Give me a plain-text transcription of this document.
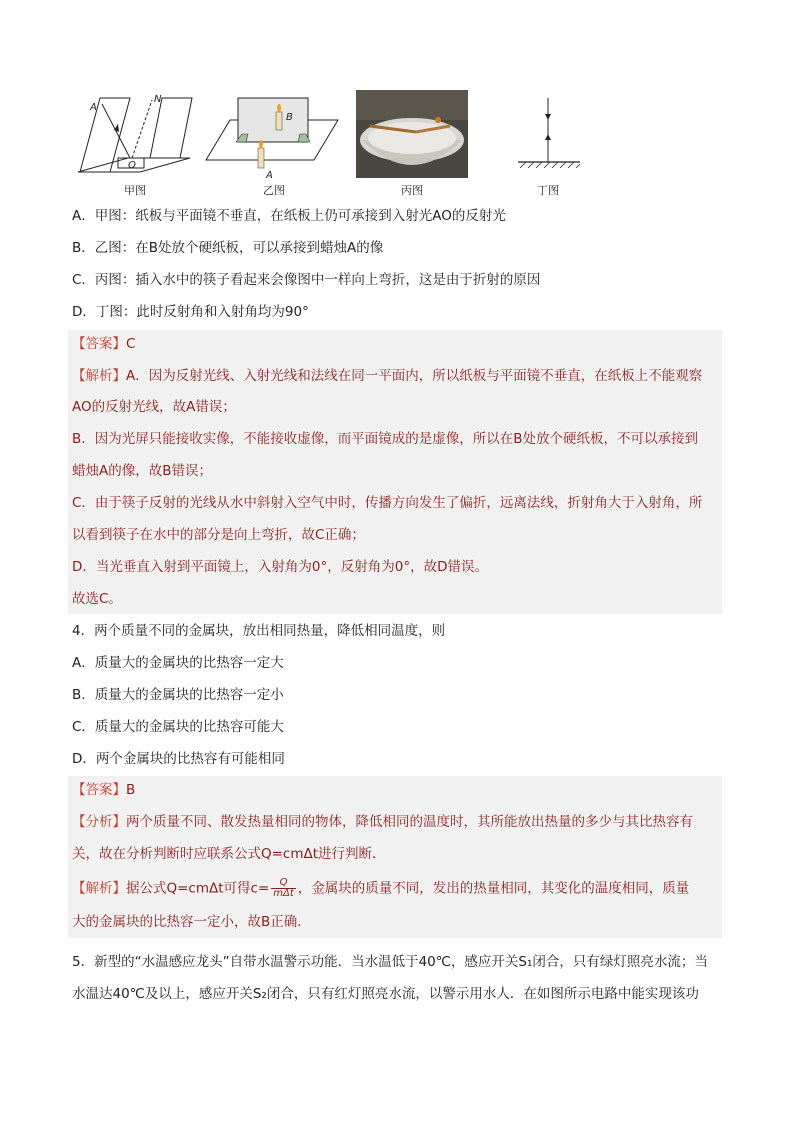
A
N
O
甲图
B
A
乙图	丙图	丁图
A．甲图：纸板与平面镜不垂直，在纸板上仍可承接到入射光AO的反射光
B．乙图：在B处放个硬纸板，可以承接到蜡烛A的像
C．丙图：插入水中的筷子看起来会像图中一样向上弯折，这是由于折射的原因
D．丁图：此时反射角和入射角均为90°
【答案】C
【解析】A．因为反射光线、入射光线和法线在同一平面内，所以纸板与平面镜不垂直，在纸板上不能观察
AO的反射光线，故A错误；
B．因为光屏只能接收实像，不能接收虚像，而平面镜成的是虚像，所以在B处放个硬纸板，不可以承接到
蜡烛A的像，故B错误；
C．由于筷子反射的光线从水中斜射入空气中时，传播方向发生了偏折，远离法线，折射角大于入射角，所
以看到筷子在水中的部分是向上弯折，故C正确；
D．当光垂直入射到平面镜上，入射角为0°，反射角为0°，故D错误。
故选C。
4．两个质量不同的金属块，放出相同热量，降低相同温度，则
A．质量大的金属块的比热容一定大
B．质量大的金属块的比热容一定小
C．质量大的金属块的比热容可能大
D．两个金属块的比热容有可能相同
【答案】B
【分析】两个质量不同、散发热量相同的物体，降低相同的温度时，其所能放出热量的多少与其比热容有
关，故在分析判断时应联系公式Q=cmΔt进行判断．
【解析】据公式Q=cmΔt可得$c= \frac{Q}{\text{mΔt}}$ ，金属块的质量不同，发出的热量相同，其变化的温度相同，质量
大的金属块的比热容一定小，故B正确．
5．新型的“水温感应龙头”自带水温警示功能．当水温低于40℃，感应开关S₁闭合，只有绿灯照亮水流；当
水温达40℃及以上，感应开关S₂闭合，只有红灯照亮水流，以警示用水人．在如图所示电路中能实现该功
